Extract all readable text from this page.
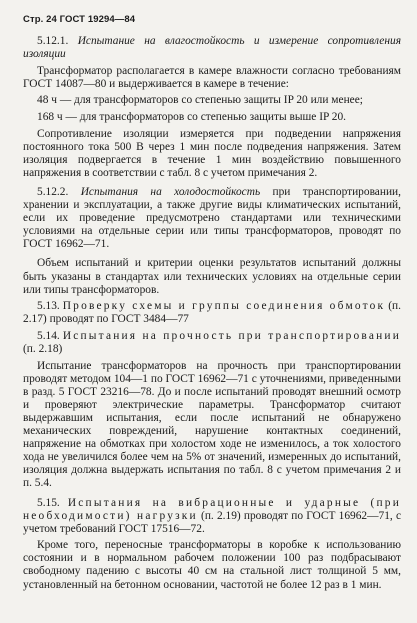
Стр. 24 ГОСТ 19294—84

5.12.1. Испытание на влагостойкость и измерение сопротивления изоляции

Трансформатор располагается в камере влажности согласно требованиям ГОСТ 14087—80 и выдерживается в камере в течение:

48 ч — для трансформаторов со степенью защиты IP 20 или менее;

168 ч — для трансформаторов со степенью защиты выше IP 20.

Сопротивление изоляции измеряется при подведении напряжения постоянного тока 500 В через 1 мин после подведения напряжения. Затем изоляция подвергается в течение 1 мин воздействию повышенного напряжения в соответствии с табл. 8 с учетом примечания 2.

5.12.2. Испытания на холодостойкость при транспортировании, хранении и эксплуатации, а также другие виды климатических испытаний, если их проведение предусмотрено стандартами или техническими условиями на отдельные серии или типы трансформаторов, проводят по ГОСТ 16962—71.

Объем испытаний и критерии оценки результатов испытаний должны быть указаны в стандартах или технических условиях на отдельные серии или типы трансформаторов.

5.13. Проверку схемы и группы соединения обмоток (п. 2.17) проводят по ГОСТ 3484—77

5.14. Испытания на прочность при транспортировании (п. 2.18)

Испытание трансформаторов на прочность при транспортировании проводят методом 104—1 по ГОСТ 16962—71 с уточнениями, приведенными в разд. 5 ГОСТ 23216—78. До и после испытаний проводят внешний осмотр и проверяют электрические параметры. Трансформатор считают выдержавшим испытания, если после испытаний не обнаружено механических повреждений, нарушение контактных соединений, напряжение на обмотках при холостом ходе не изменилось, а ток холостого хода не увеличился более чем на 5% от значений, измеренных до испытаний, изоляция должна выдержать испытания по табл. 8 с учетом примечания 2 и п. 5.4.

5.15. Испытания на вибрационные и ударные (при необходимости) нагрузки (п. 2.19) проводят по ГОСТ 16962—71, с учетом требований ГОСТ 17516—72.

Кроме того, переносные трансформаторы в коробке к использованию состоянии и в нормальном рабочем положении 100 раз подбрасывают свободному падению с высоты 40 см на стальной лист толщиной 5 мм, установленный на бетонном основании, частотой не более 12 раз в 1 мин.
